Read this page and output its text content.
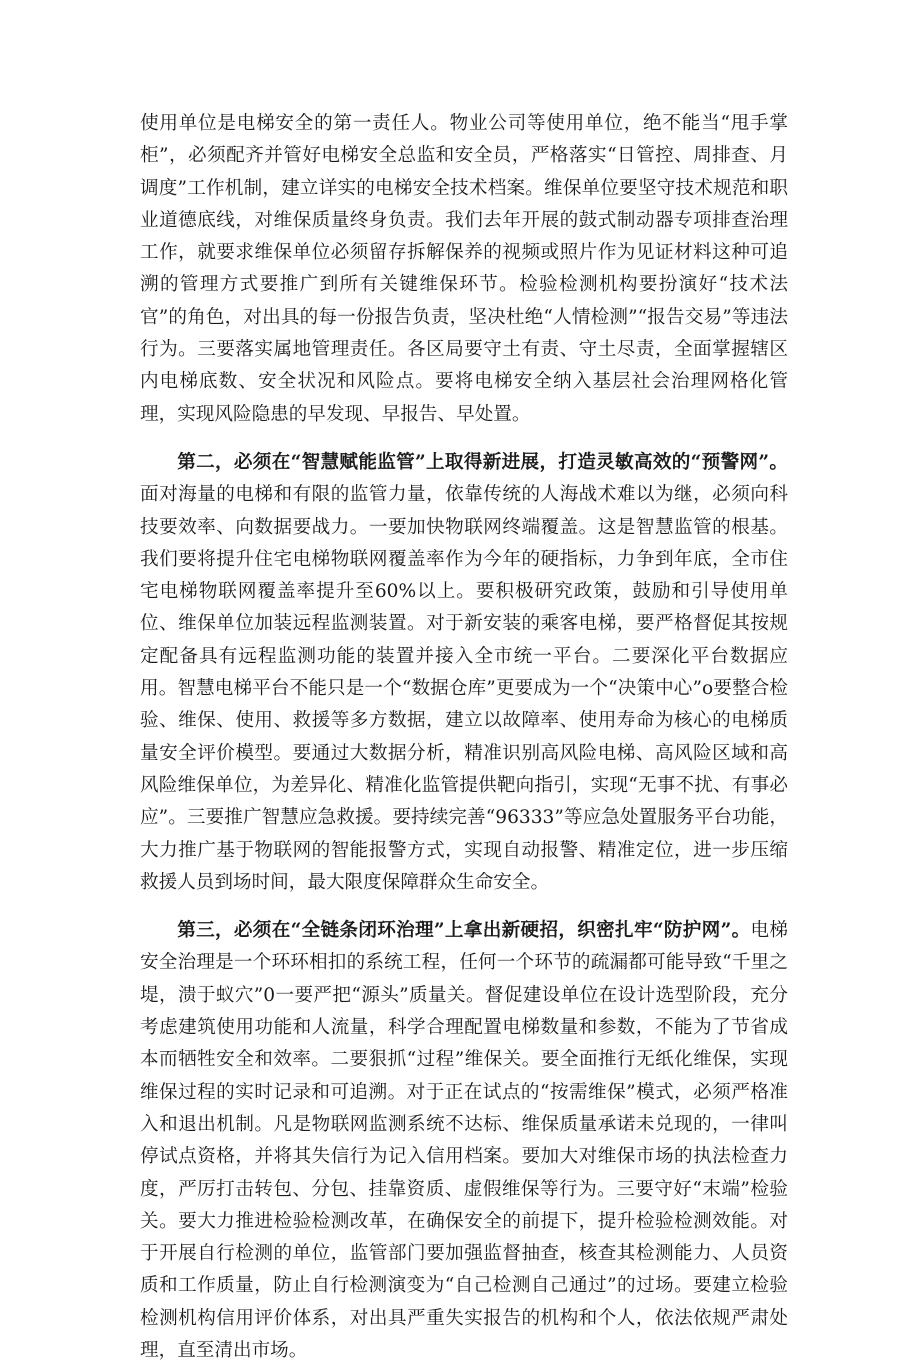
使用单位是电梯安全的第一责任人。物业公司等使用单位，绝不能当“甩手掌柜”，必须配齐并管好电梯安全总监和安全员，严格落实“日管控、周排查、月调度”工作机制，建立详实的电梯安全技术档案。维保单位要坚守技术规范和职业道德底线，对维保质量终身负责。我们去年开展的鼓式制动器专项排查治理工作，就要求维保单位必须留存拆解保养的视频或照片作为见证材料这种可追溯的管理方式要推广到所有关键维保环节。检验检测机构要扮演好“技术法官”的角色，对出具的每一份报告负责，坚决杜绝“人情检测”“报告交易”等违法行为。三要落实属地管理责任。各区局要守土有责、守土尽责，全面掌握辖区内电梯底数、安全状况和风险点。要将电梯安全纳入基层社会治理网格化管理，实现风险隐患的早发现、早报告、早处置。

第二，必须在“智慧赋能监管”上取得新进展，打造灵敏高效的“预警网”。面对海量的电梯和有限的监管力量，依靠传统的人海战术难以为继，必须向科技要效率、向数据要战力。一要加快物联网终端覆盖。这是智慧监管的根基。我们要将提升住宅电梯物联网覆盖率作为今年的硬指标，力争到年底，全市住宅电梯物联网覆盖率提升至60%以上。要积极研究政策，鼓励和引导使用单位、维保单位加装远程监测装置。对于新安装的乘客电梯，要严格督促其按规定配备具有远程监测功能的装置并接入全市统一平台。二要深化平台数据应用。智慧电梯平台不能只是一个“数据仓库”更要成为一个“决策中心”o要整合检验、维保、使用、救援等多方数据，建立以故障率、使用寿命为核心的电梯质量安全评价模型。要通过大数据分析，精准识别高风险电梯、高风险区域和高风险维保单位，为差异化、精准化监管提供靶向指引，实现“无事不扰、有事必应”。三要推广智慧应急救援。要持续完善“96333”等应急处置服务平台功能，大力推广基于物联网的智能报警方式，实现自动报警、精准定位，进一步压缩救援人员到场时间，最大限度保障群众生命安全。

第三，必须在“全链条闭环治理”上拿出新硬招，织密扎牢“防护网”。电梯安全治理是一个环环相扣的系统工程，任何一个环节的疏漏都可能导致“千里之堤，溃于蚁穴”0一要严把“源头”质量关。督促建设单位在设计选型阶段，充分考虑建筑使用功能和人流量，科学合理配置电梯数量和参数，不能为了节省成本而牺牲安全和效率。二要狠抓“过程”维保关。要全面推行无纸化维保，实现维保过程的实时记录和可追溯。对于正在试点的“按需维保”模式，必须严格准入和退出机制。凡是物联网监测系统不达标、维保质量承诺未兑现的，一律叫停试点资格，并将其失信行为记入信用档案。要加大对维保市场的执法检查力度，严厉打击转包、分包、挂靠资质、虚假维保等行为。三要守好“末端”检验关。要大力推进检验检测改革，在确保安全的前提下，提升检验检测效能。对于开展自行检测的单位，监管部门要加强监督抽查，核查其检测能力、人员资质和工作质量，防止自行检测演变为“自己检测自己通过”的过场。要建立检验检测机构信用评价体系，对出具严重失实报告的机构和个人，依法依规严肃处理，直至清出市场。
